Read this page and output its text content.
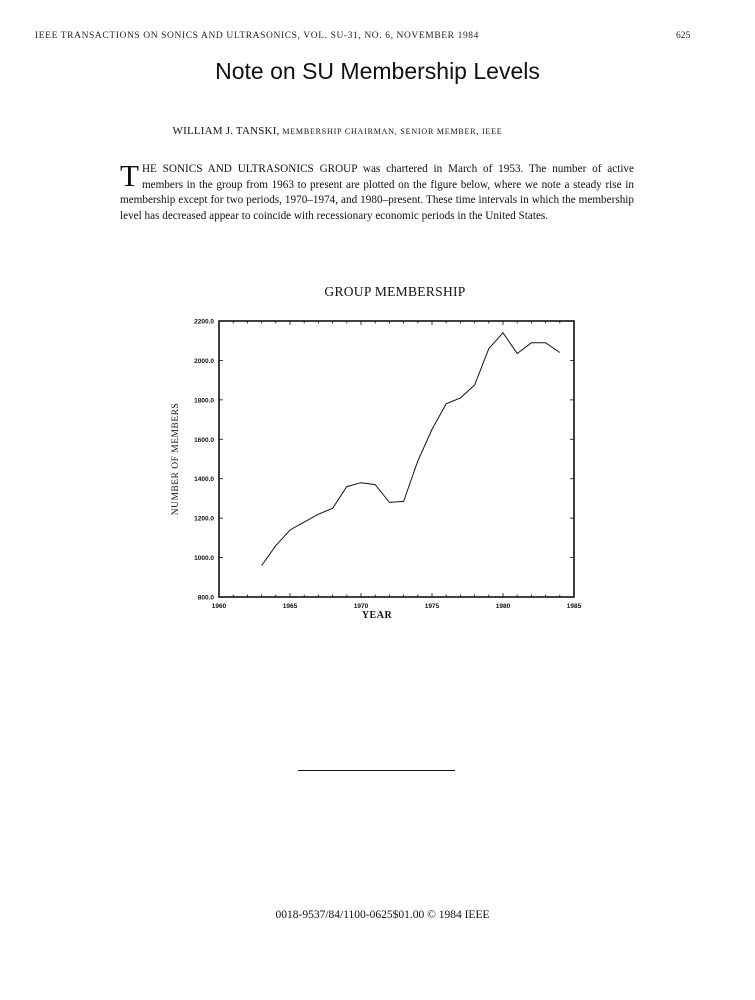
IEEE TRANSACTIONS ON SONICS AND ULTRASONICS, VOL. SU-31, NO. 6, NOVEMBER 1984	625
Note on SU Membership Levels
WILLIAM J. TANSKI, MEMBERSHIP CHAIRMAN, SENIOR MEMBER, IEEE
THE SONICS AND ULTRASONICS GROUP was chartered in March of 1953. The number of active members in the group from 1963 to present are plotted on the figure below, where we note a steady rise in membership except for two periods, 1970–1974, and 1980–present. These time intervals in which the membership level has decreased appear to coincide with recessionary economic periods in the United States.
GROUP MEMBERSHIP
800.0
1000.0
1200.0
1400.0
1600.0
1800.0
2000.0
2200.0
1960	1965	1970	1975	1980	1985
YEAR
NUMBER OF MEMBERS
0018-9537/84/1100-0625$01.00 © 1984 IEEE
